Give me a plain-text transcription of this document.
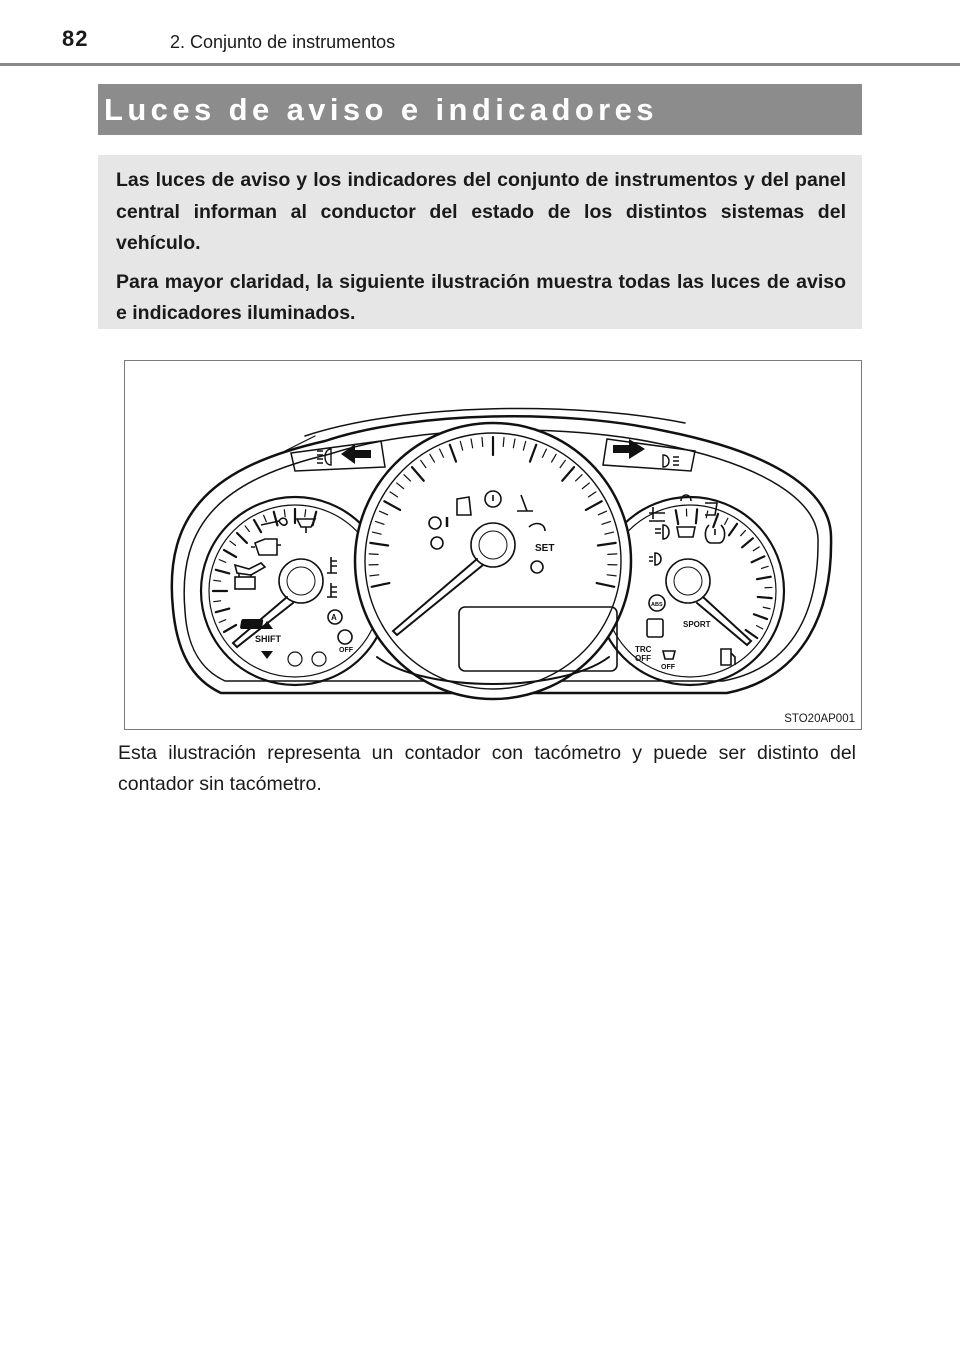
82	2. Conjunto de instrumentos
Luces de aviso e indicadores

Las luces de aviso y los indicadores del conjunto de instrumentos y del panel central informan al conductor del estado de los distintos sistemas del vehículo.

Para mayor claridad, la siguiente ilustración muestra todas las luces de aviso e indicadores iluminados.

ECO
SHIFT
A
OFF
SET
ABS
SPORT
TRC
OFF
OFF
STO20AP001

Esta ilustración representa un contador con tacómetro y puede ser distinto del contador sin tacómetro.
